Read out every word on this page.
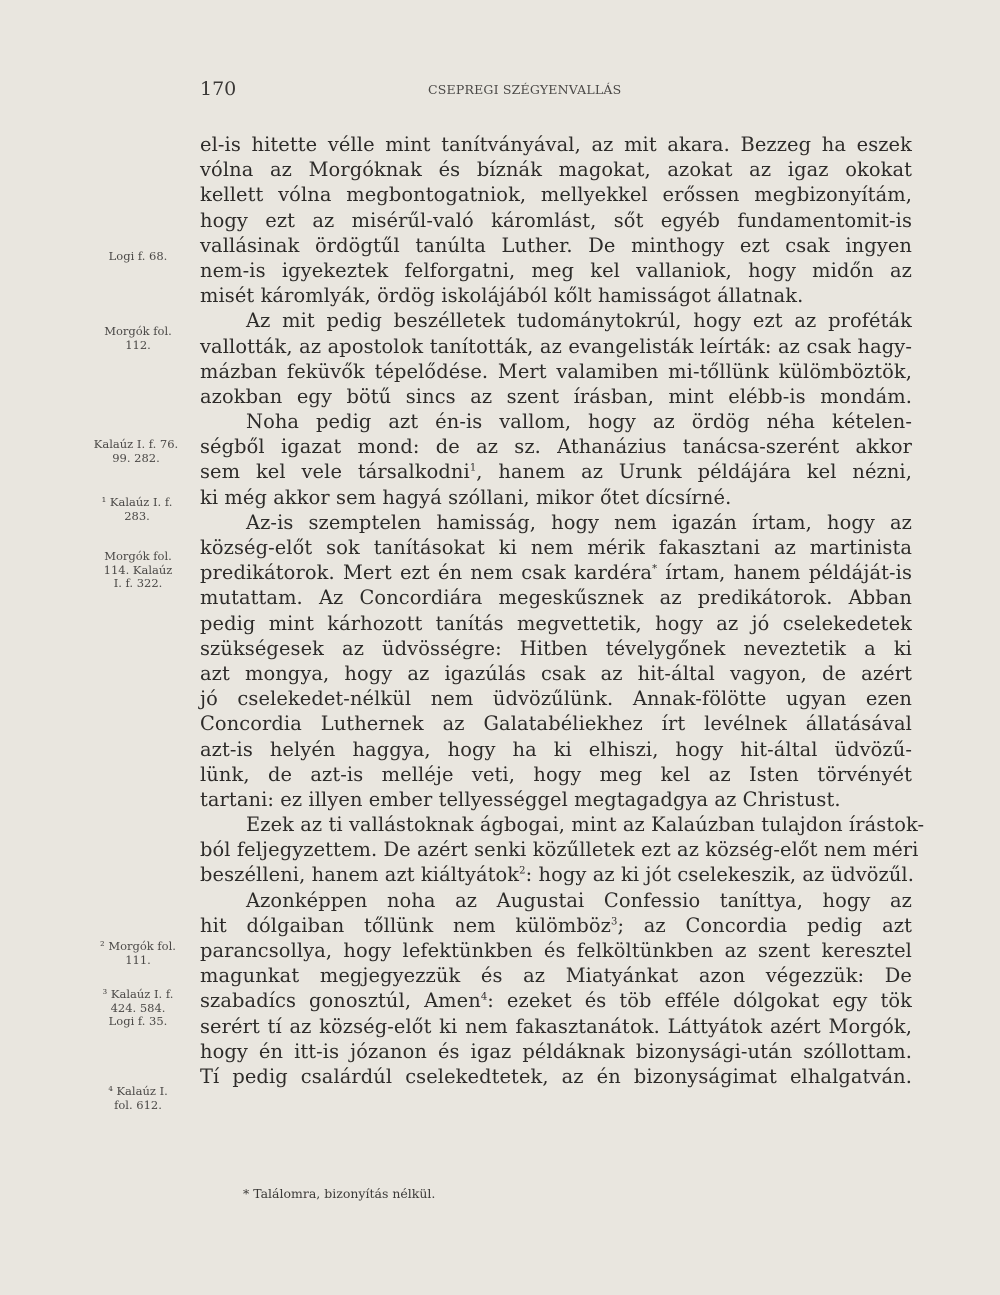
170	CSEPREGI SZÉGYENVALLÁS
Logi f. 68.
Morgók fol. 112.
Kalaúz I. f. 76. 99. 282.
¹ Kalaúz I. f. 283.
Morgók fol. 114. Kalaúz I. f. 322.
² Morgók fol. 111.
³ Kalaúz I. f. 424. 584. Logi f. 35.
⁴ Kalaúz I. fol. 612.
el-is hitette vélle mint tanítványával, az mit akara. Bezzeg ha eszek
vólna az Morgóknak és bíznák magokat, azokat az igaz okokat
kellett vólna megbontogatniok, mellyekkel erőssen megbizonyítám,
hogy ezt az misérűl-való káromlást, sőt egyéb fundamentomit-is
vallásinak ördögtűl tanúlta Luther. De minthogy ezt csak ingyen
nem-is igyekeztek felforgatni, meg kel vallaniok, hogy midőn az
misét káromlyák, ördög iskolájából kőlt hamisságot állatnak.
Az mit pedig beszélletek tudománytokrúl, hogy ezt az proféták
vallották, az apostolok tanították, az evangelisták leírták: az csak hagy-
mázban feküvők tépelődése. Mert valamiben mi-tőllünk külömböztök,
azokban egy bötű sincs az szent írásban, mint elébb-is mondám.
Noha pedig azt én-is vallom, hogy az ördög néha kételen-
ségből igazat mond: de az sz. Athanázius tanácsa-szerént akkor
sem kel vele társalkodni$^1$, hanem az Urunk példájára kel nézni,
ki még akkor sem hagyá szóllani, mikor őtet dícsírné.
Az-is szemptelen hamisság, hogy nem igazán írtam, hogy az
község-előt sok tanításokat ki nem mérik fakasztani az martinista
predikátorok. Mert ezt én nem csak kardéra* írtam, hanem példáját-is
mutattam. Az Concordiára megeskűsznek az predikátorok. Abban
pedig mint kárhozott tanítás megvettetik, hogy az jó cselekedetek
szükségesek az üdvösségre: Hitben tévelygőnek neveztetik a ki
azt mongya, hogy az igazúlás csak az hit-által vagyon, de azért
jó cselekedet-nélkül nem üdvözűlünk. Annak-fölötte ugyan ezen
Concordia Luthernek az Galatabéliekhez írt levélnek állatásával
azt-is helyén haggya, hogy ha ki elhiszi, hogy hit-által üdvözű-
lünk, de azt-is melléje veti, hogy meg kel az Isten törvényét
tartani: ez illyen ember tellyességgel megtagadgya az Christust.
Ezek az ti vallástoknak ágbogai, mint az Kalaúzban tulajdon írástok-
ból feljegyzettem. De azért senki közűlletek ezt az község-előt nem méri
beszélleni, hanem azt kiáltyátok$^2$: hogy az ki jót cselekeszik, az üdvözűl.
Azonképpen noha az Augustai Confessio taníttya, hogy az
hit dólgaiban tőllünk nem külömböz$^3$; az Concordia pedig azt
parancsollya, hogy lefektünkben és felköltünkben az szent keresztel
magunkat megjegyezzük és az Miatyánkat azon végezzük: De
szabadícs gonosztúl, Amen$^4$: ezeket és töb efféle dólgokat egy tök
serért tí az község-előt ki nem fakasztanátok. Láttyátok azért Morgók,
hogy én itt-is józanon és igaz példáknak bizonysági-után szóllottam.
Tí pedig csalárdúl cselekedtetek, az én bizonyságimat elhalgatván.
* Találomra, bizonyítás nélkül.
